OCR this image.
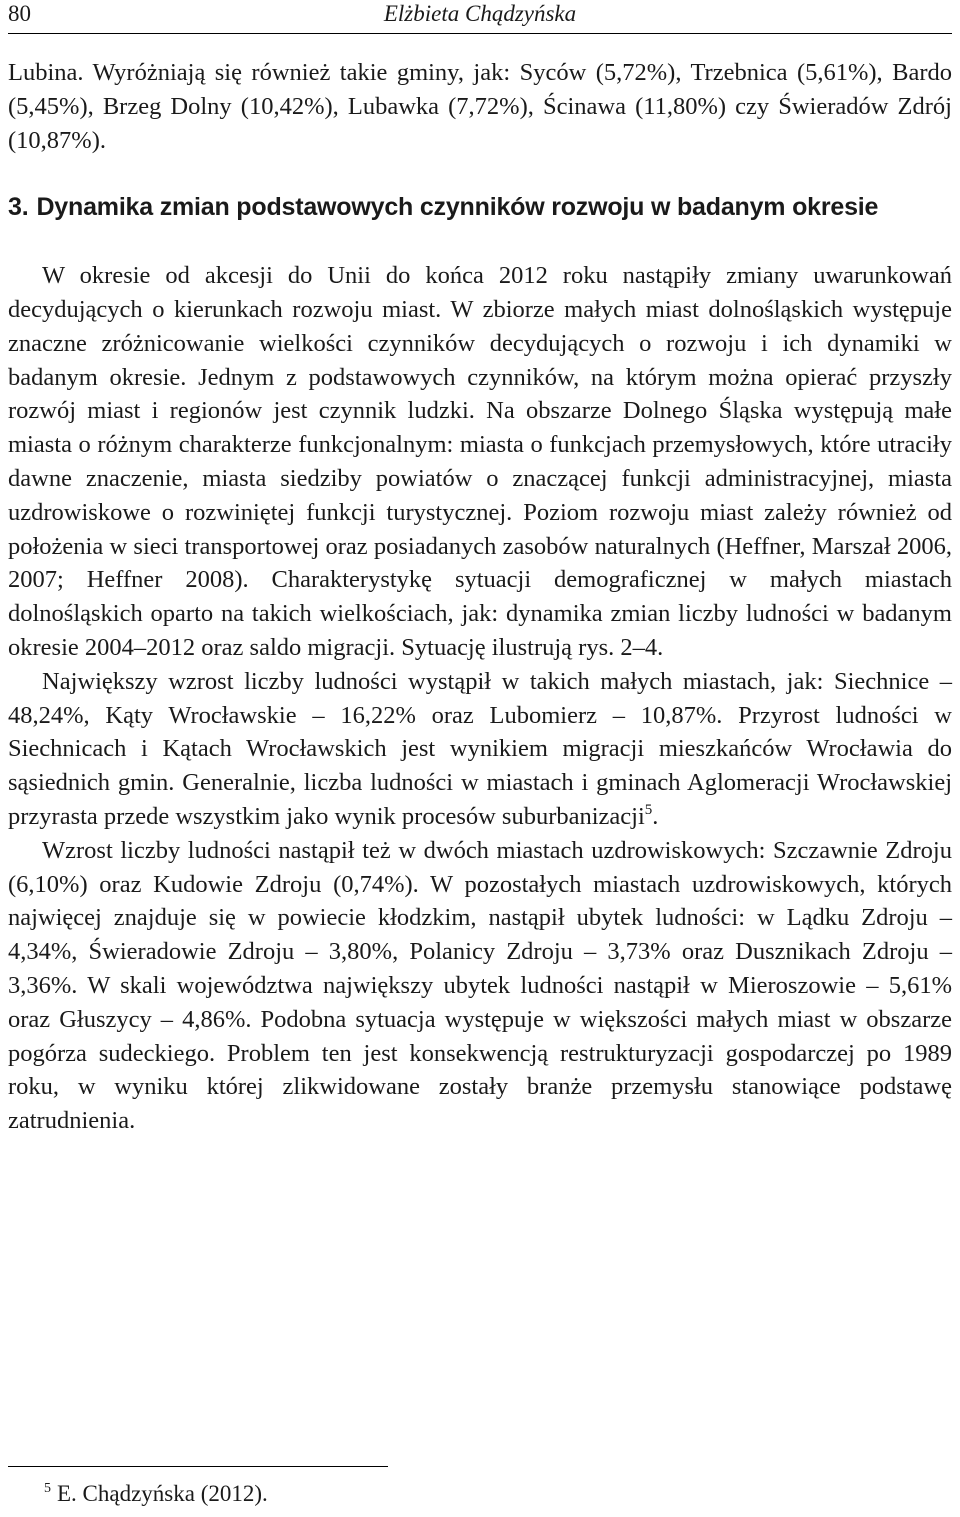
80	Elżbieta Chądzyńska

Lubina. Wyróżniają się również takie gminy, jak: Syców (5,72%), Trzebnica (5,61%), Bardo (5,45%), Brzeg Dolny (10,42%), Lubawka (7,72%), Ścinawa (11,80%) czy Świeradów Zdrój (10,87%).

3. Dynamika zmian podstawowych czynników rozwoju w badanym okresie

W okresie od akcesji do Unii do końca 2012 roku nastąpiły zmiany uwarunkowań decydujących o kierunkach rozwoju miast. W zbiorze małych miast dolnośląskich występuje znaczne zróżnicowanie wielkości czynników decydujących o rozwoju i ich dynamiki w badanym okresie. Jednym z podstawowych czynników, na którym można opierać przyszły rozwój miast i regionów jest czynnik ludzki. Na obszarze Dolnego Śląska występują małe miasta o różnym charakterze funkcjonalnym: miasta o funkcjach przemysłowych, które utraciły dawne znaczenie, miasta siedziby powiatów o znaczącej funkcji administracyjnej, miasta uzdrowiskowe o rozwiniętej funkcji turystycznej. Poziom rozwoju miast zależy również od położenia w sieci transportowej oraz posiadanych zasobów naturalnych (Heffner, Marszał 2006, 2007; Heffner 2008). Charakterystykę sytuacji demograficznej w małych miastach dolnośląskich oparto na takich wielkościach, jak: dynamika zmian liczby ludności w badanym okresie 2004–2012 oraz saldo migracji. Sytuację ilustrują rys. 2–4.

Największy wzrost liczby ludności wystąpił w takich małych miastach, jak: Siechnice – 48,24%, Kąty Wrocławskie – 16,22% oraz Lubomierz – 10,87%. Przyrost ludności w Siechnicach i Kątach Wrocławskich jest wynikiem migracji mieszkańców Wrocławia do sąsiednich gmin. Generalnie, liczba ludności w miastach i gminach Aglomeracji Wrocławskiej przyrasta przede wszystkim jako wynik procesów suburbanizacji$^5$.

Wzrost liczby ludności nastąpił też w dwóch miastach uzdrowiskowych: Szczawnie Zdroju (6,10%) oraz Kudowie Zdroju (0,74%). W pozostałych miastach uzdrowiskowych, których najwięcej znajduje się w powiecie kłodzkim, nastąpił ubytek ludności: w Lądku Zdroju – 4,34%, Świeradowie Zdroju – 3,80%, Polanicy Zdroju – 3,73% oraz Dusznikach Zdroju – 3,36%. W skali województwa największy ubytek ludności nastąpił w Mieroszowie – 5,61% oraz Głuszycy – 4,86%. Podobna sytuacja występuje w większości małych miast w obszarze pogórza sudeckiego. Problem ten jest konsekwencją restrukturyzacji gospodarczej po 1989 roku, w wyniku której zlikwidowane zostały branże przemysłu stanowiące podstawę zatrudnienia.

$^5$ E. Chądzyńska (2012).
